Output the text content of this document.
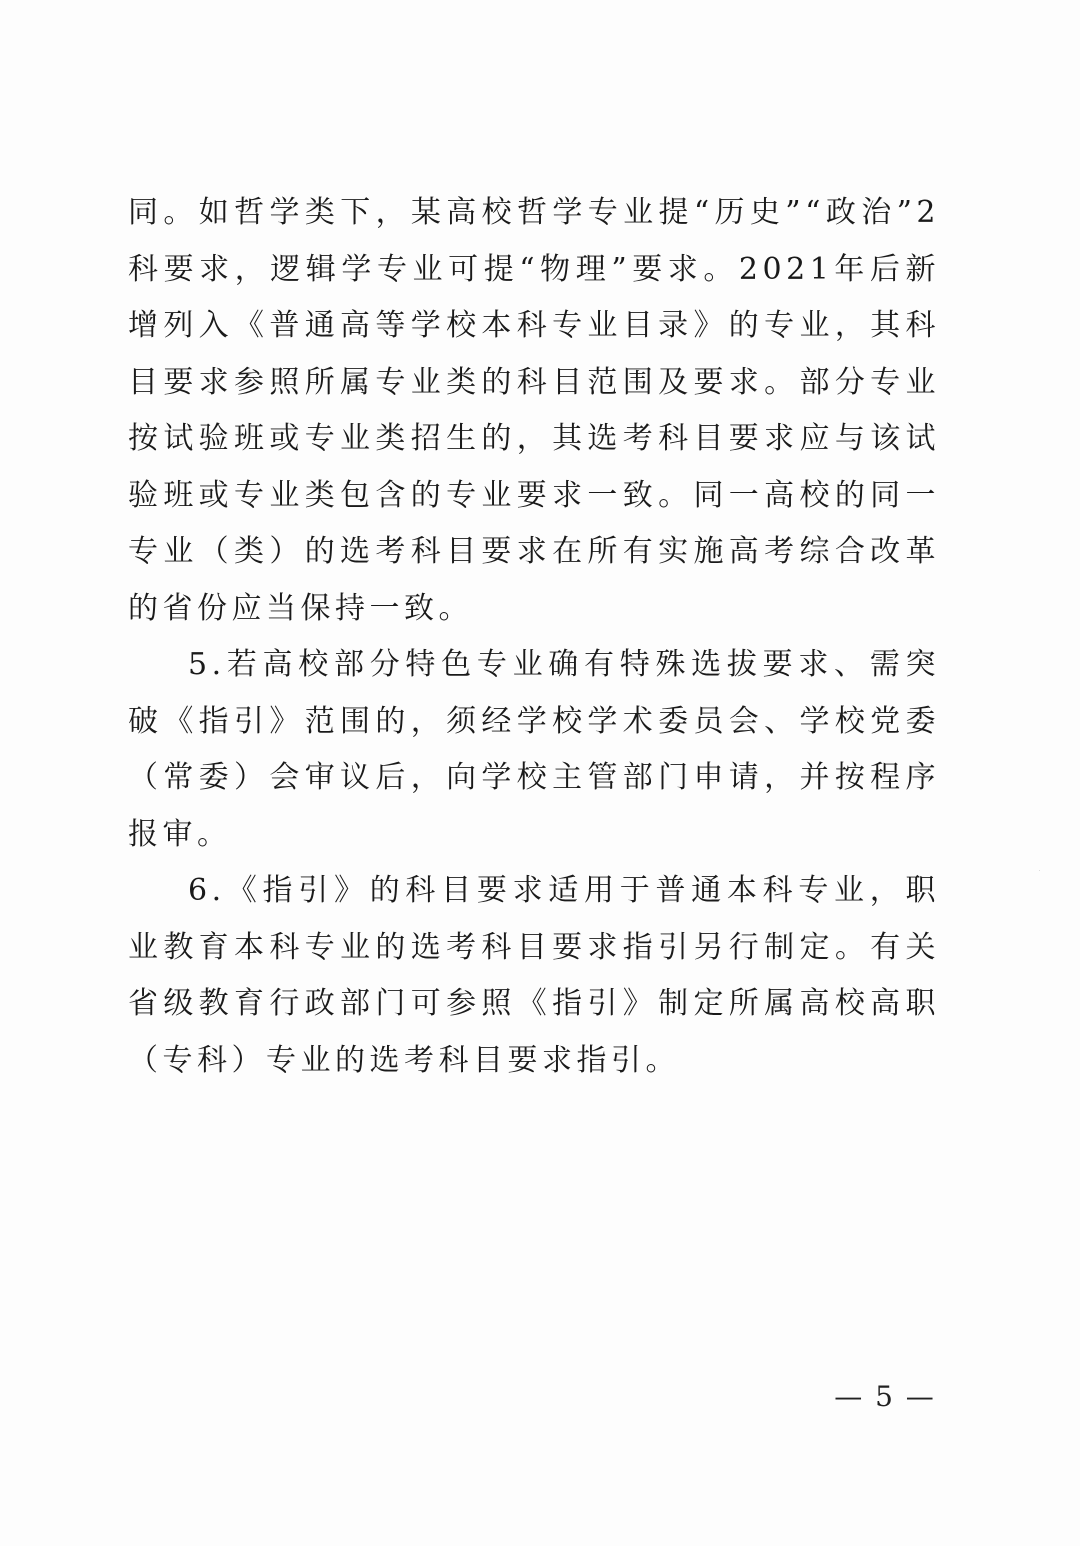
同。如哲学类下，某高校哲学专业提“历史”“政治”2科要求，逻辑学专业可提“物理”要求。2021年后新增列入《普通高等学校本科专业目录》的专业，其科目要求参照所属专业类的科目范围及要求。部分专业按试验班或专业类招生的，其选考科目要求应与该试验班或专业类包含的专业要求一致。同一高校的同一专业（类）的选考科目要求在所有实施高考综合改革的省份应当保持一致。

5.若高校部分特色专业确有特殊选拔要求、需突破《指引》范围的，须经学校学术委员会、学校党委（常委）会审议后，向学校主管部门申请，并按程序报审。

6.《指引》的科目要求适用于普通本科专业，职业教育本科专业的选考科目要求指引另行制定。有关省级教育行政部门可参照《指引》制定所属高校高职（专科）专业的选考科目要求指引。

— 5 —
